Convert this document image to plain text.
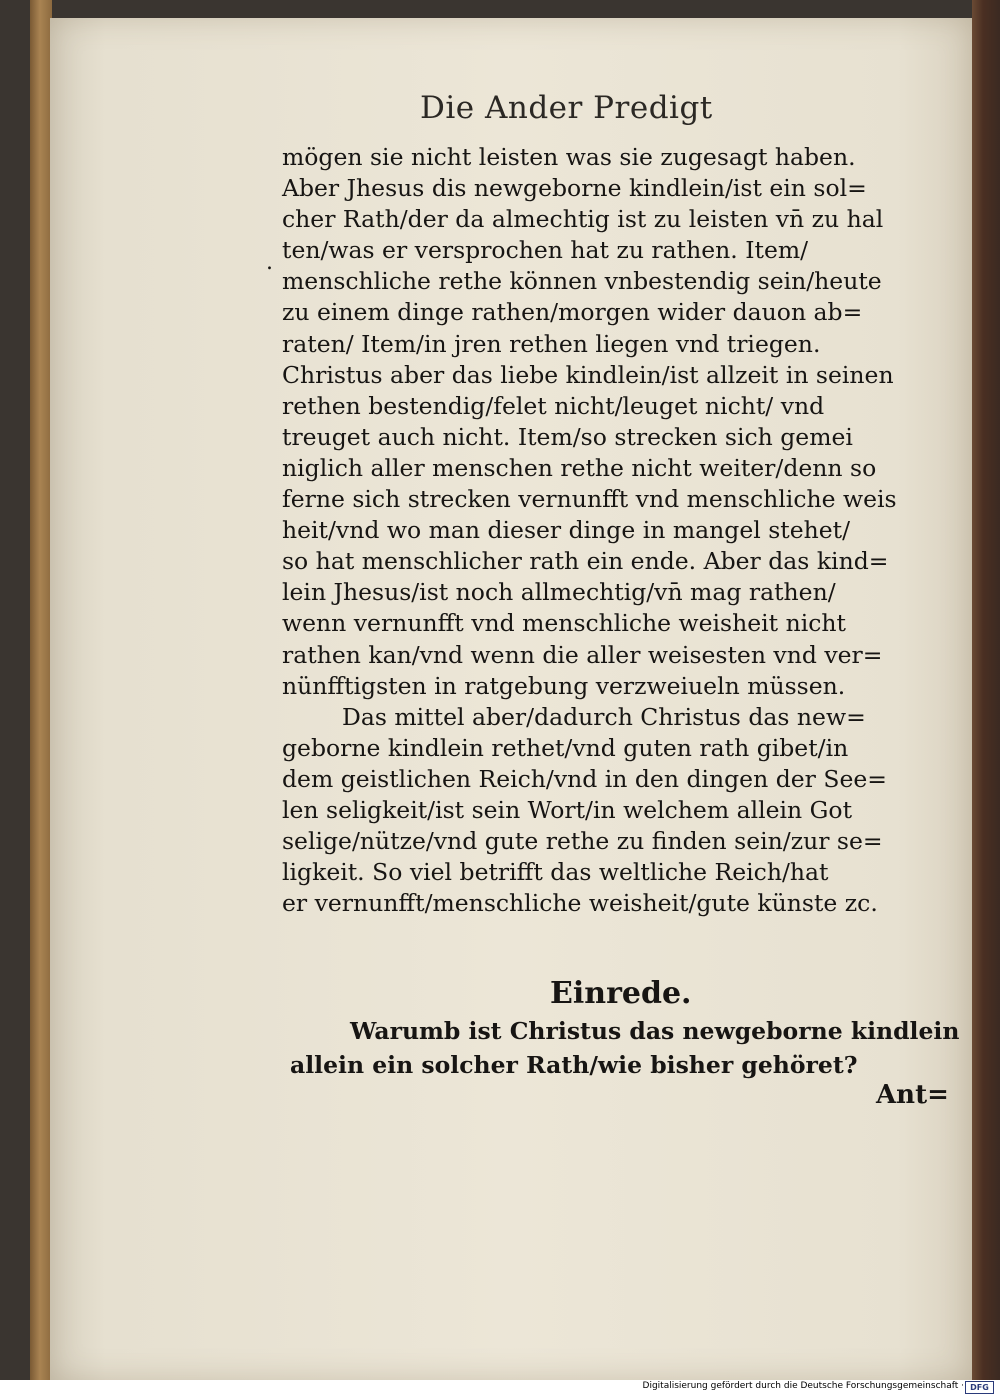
Die Ander Predigt
.
mögen sie nicht leisten was sie zugesagt haben.
Aber Jhesus dis newgeborne kindlein/ist ein sol=
cher Rath/der da almechtig ist zu leisten vn̄ zu hal
ten/was er versprochen hat zu rathen. Item/
menschliche rethe können vnbestendig sein/heute
zu einem dinge rathen/morgen wider dauon ab=
raten/ Item/in jren rethen liegen vnd triegen.
Christus aber das liebe kindlein/ist allzeit in seinen
rethen bestendig/felet nicht/leuget nicht/ vnd
treuget auch nicht. Item/so strecken sich gemei
niglich aller menschen rethe nicht weiter/denn so
ferne sich strecken vernunfft vnd menschliche weis
heit/vnd wo man dieser dinge in mangel stehet/
so hat menschlicher rath ein ende. Aber das kind=
lein Jhesus/ist noch allmechtig/vn̄ mag rathen/
wenn vernunfft vnd menschliche weisheit nicht
rathen kan/vnd wenn die aller weisesten vnd ver=
nünfftigsten in ratgebung verzweiueln müssen.
Das mittel aber/dadurch Christus das new=
geborne kindlein rethet/vnd guten rath gibet/in
dem geistlichen Reich/vnd in den dingen der See=
len seligkeit/ist sein Wort/in welchem allein Got
selige/nütze/vnd gute rethe zu finden sein/zur se=
ligkeit. So viel betrifft das weltliche Reich/hat
er vernunfft/menschliche weisheit/gute künste zc.
Einrede.
Warumb ist Christus das newgeborne kindlein
allein ein solcher Rath/wie bisher gehöret?
Ant=
Digitalisierung gefördert durch die Deutsche Forschungsgemeinschaft · DFG
